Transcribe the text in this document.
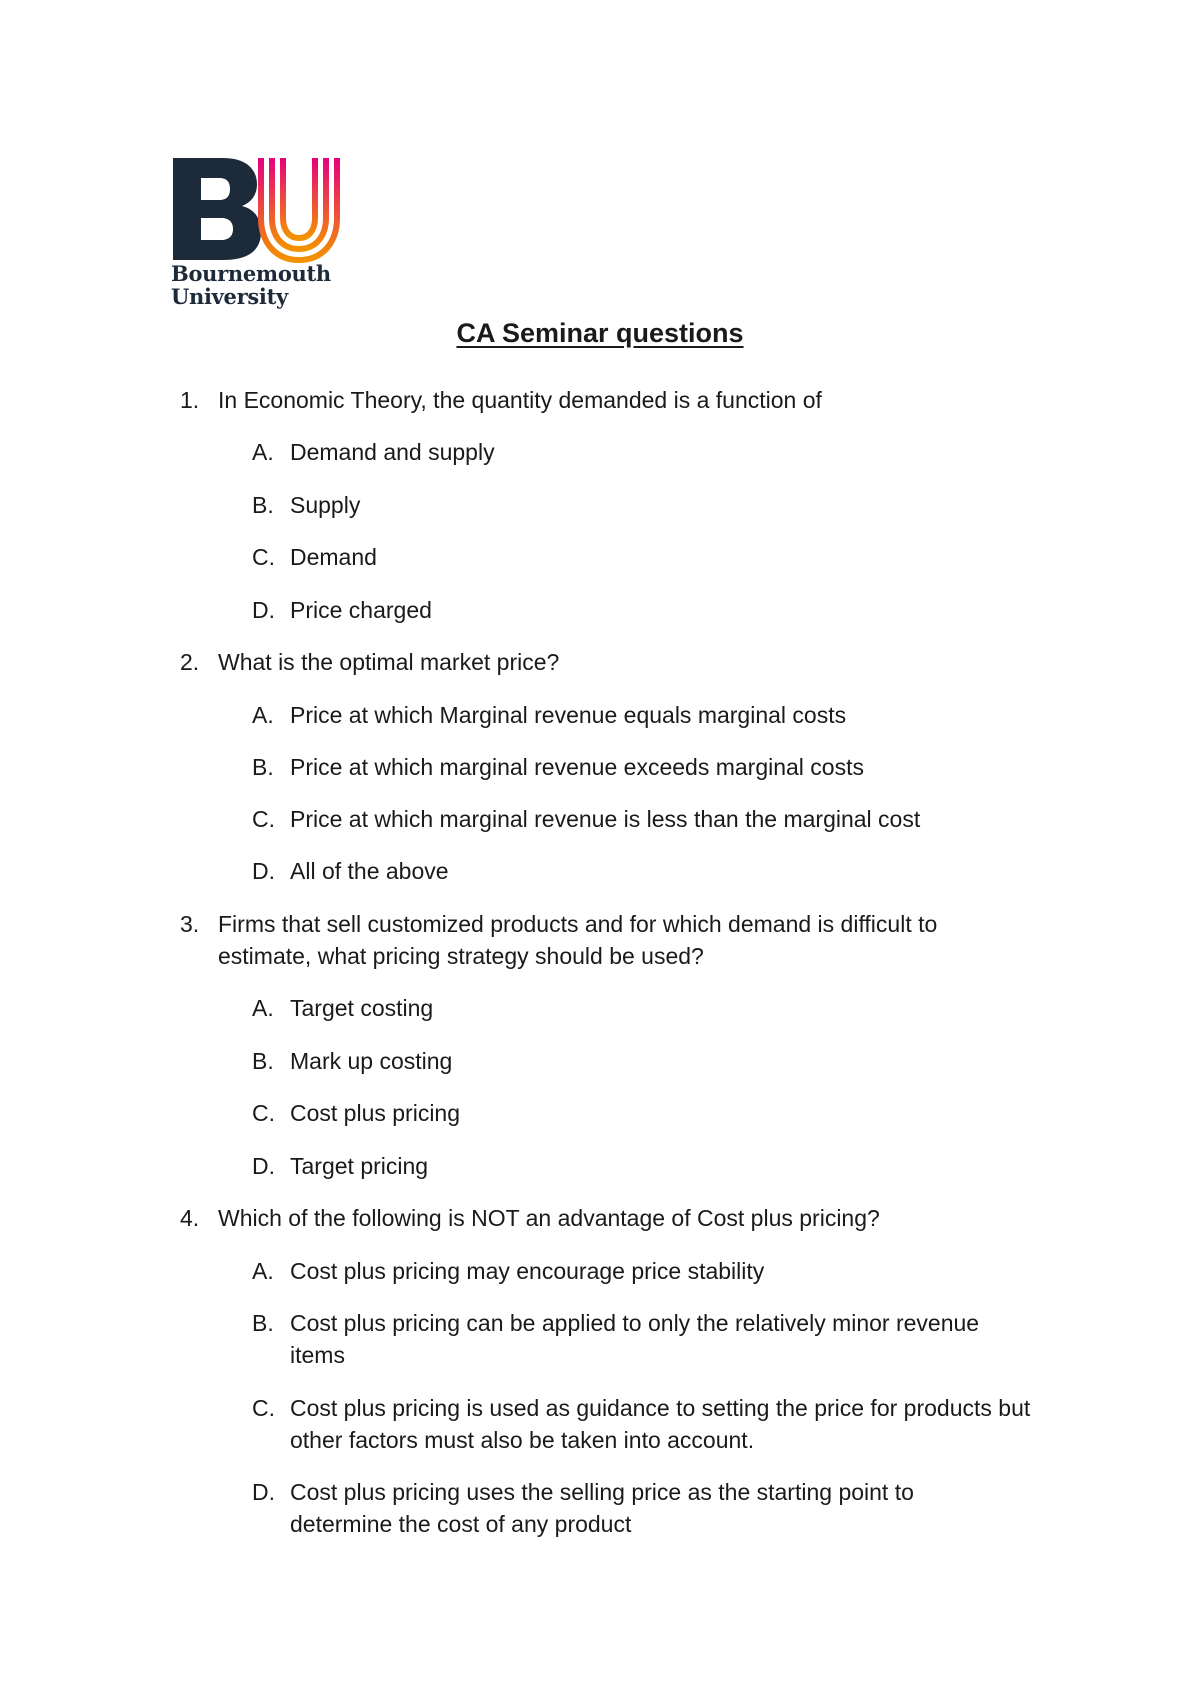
Bournemouth
University
CA Seminar questions
1. In Economic Theory, the quantity demanded is a function of
A. Demand and supply
B. Supply
C. Demand
D. Price charged
2. What is the optimal market price?
A. Price at which Marginal revenue equals marginal costs
B. Price at which marginal revenue exceeds marginal costs
C. Price at which marginal revenue is less than the marginal cost
D. All of the above
3. Firms that sell customized products and for which demand is difficult to estimate, what pricing strategy should be used?
A. Target costing
B. Mark up costing
C. Cost plus pricing
D. Target pricing
4. Which of the following is NOT an advantage of Cost plus pricing?
A. Cost plus pricing may encourage price stability
B. Cost plus pricing can be applied to only the relatively minor revenue items
C. Cost plus pricing is used as guidance to setting the price for products but other factors must also be taken into account.
D. Cost plus pricing uses the selling price as the starting point to determine the cost of any product
